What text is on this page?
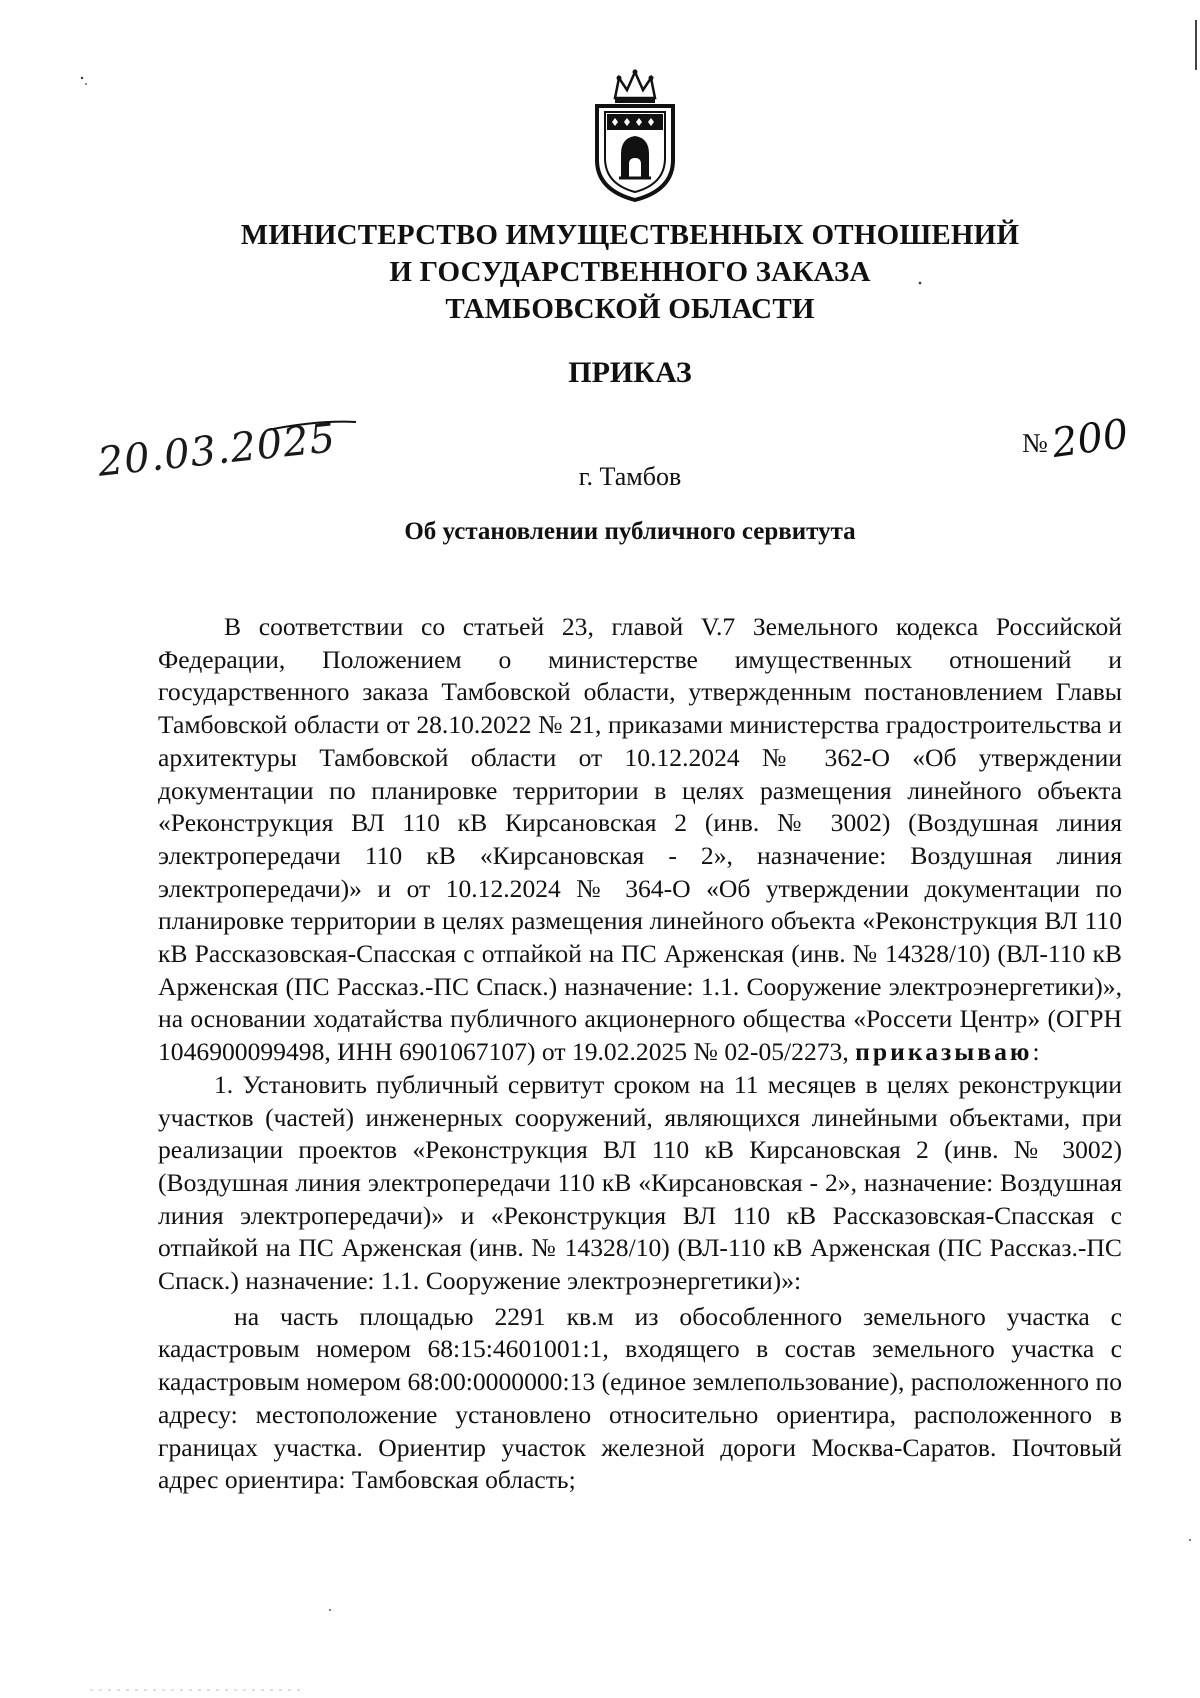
МИНИСТЕРСТВО ИМУЩЕСТВЕННЫХ ОТНОШЕНИЙ
И ГОСУДАРСТВЕННОГО ЗАКАЗА
ТАМБОВСКОЙ ОБЛАСТИ
ПРИКАЗ
20.03.2025	№200
г. Тамбов
Об установлении публичного сервитута

В соответствии со статьей 23, главой V.7 Земельного кодекса Российской Федерации, Положением о министерстве имущественных отношений и государственного заказа Тамбовской области, утвержденным постановлением Главы Тамбовской области от 28.10.2022 № 21, приказами министерства градостроительства и архитектуры Тамбовской области от 10.12.2024 № 362-О «Об утверждении документации по планировке территории в целях размещения линейного объекта «Реконструкция ВЛ 110 кВ Кирсановская 2 (инв. № 3002) (Воздушная линия электропередачи 110 кВ «Кирсановская - 2», назначение: Воздушная линия электропередачи)» и от 10.12.2024 № 364-О «Об утверждении документации по планировке территории в целях размещения линейного объекта «Реконструкция ВЛ 110 кВ Рассказовская-Спасская с отпайкой на ПС Арженская (инв. № 14328/10) (ВЛ-110 кВ Арженская (ПС Рассказ.-ПС Спаск.) назначение: 1.1. Сооружение электроэнергетики)», на основании ходатайства публичного акционерного общества «Россети Центр» (ОГРН 1046900099498, ИНН 6901067107) от 19.02.2025 № 02-05/2273, приказываю:

1. Установить публичный сервитут сроком на 11 месяцев в целях реконструкции участков (частей) инженерных сооружений, являющихся линейными объектами, при реализации проектов «Реконструкция ВЛ 110 кВ Кирсановская 2 (инв. № 3002) (Воздушная линия электропередачи 110 кВ «Кирсановская - 2», назначение: Воздушная линия электропередачи)» и «Реконструкция ВЛ 110 кВ Рассказовская-Спасская с отпайкой на ПС Арженская (инв. № 14328/10) (ВЛ-110 кВ Арженская (ПС Рассказ.-ПС Спаск.) назначение: 1.1. Сооружение электроэнергетики)»:

на часть площадью 2291 кв.м из обособленного земельного участка с кадастровым номером 68:15:4601001:1, входящего в состав земельного участка с кадастровым номером 68:00:0000000:13 (единое землепользование), расположенного по адресу: местоположение установлено относительно ориентира, расположенного в границах участка. Ориентир участок железной дороги Москва-Саратов. Почтовый адрес ориентира: Тамбовская область;
